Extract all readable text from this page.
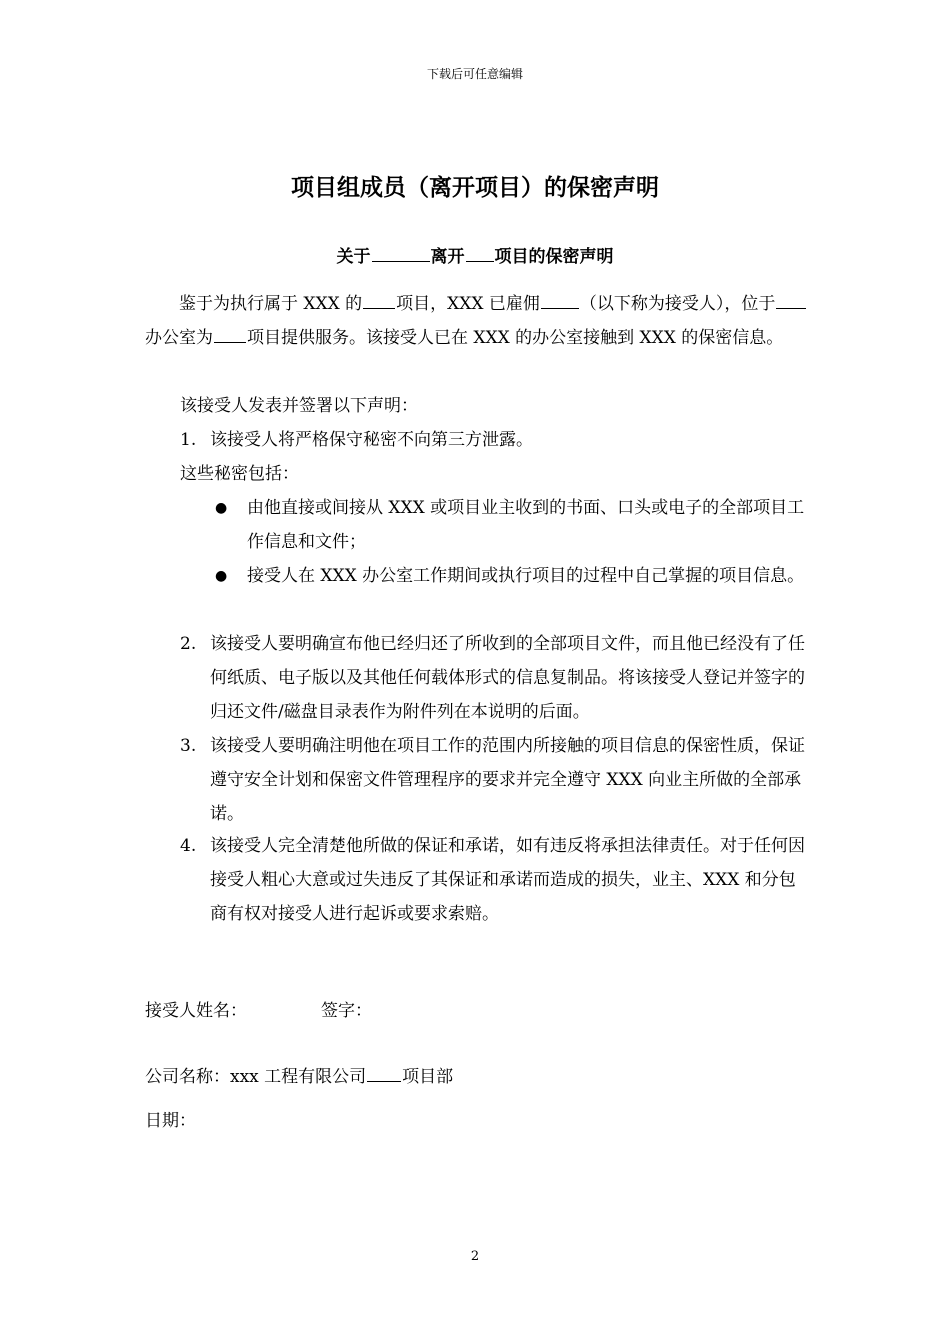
下载后可任意编辑
项目组成员（离开项目）的保密声明
关于	离开 项目的保密声明
鉴于为执行属于 XXX 的 项目，XXX 已雇佣 （以下称为接受人），位于办公室为 项目提供服务。该接受人已在 XXX 的办公室接触到 XXX 的保密信息。
该接受人发表并签署以下声明：
1. 该接受人将严格保守秘密不向第三方泄露。
这些秘密包括：
● 由他直接或间接从 XXX 或项目业主收到的书面、口头或电子的全部项目工作信息和文件；
● 接受人在 XXX 办公室工作期间或执行项目的过程中自己掌握的项目信息。
2. 该接受人要明确宣布他已经归还了所收到的全部项目文件，而且他已经没有了任何纸质、电子版以及其他任何载体形式的信息复制品。将该接受人登记并签字的归还文件/磁盘目录表作为附件列在本说明的后面。
3. 该接受人要明确注明他在项目工作的范围内所接触的项目信息的保密性质，保证遵守安全计划和保密文件管理程序的要求并完全遵守 XXX 向业主所做的全部承诺。
4. 该接受人完全清楚他所做的保证和承诺，如有违反将承担法律责任。对于任何因接受人粗心大意或过失违反了其保证和承诺而造成的损失，业主、XXX 和分包商有权对接受人进行起诉或要求索赔。
接受人姓名：	签字：
公司名称：xxx 工程有限公司 项目部
日期：
2
